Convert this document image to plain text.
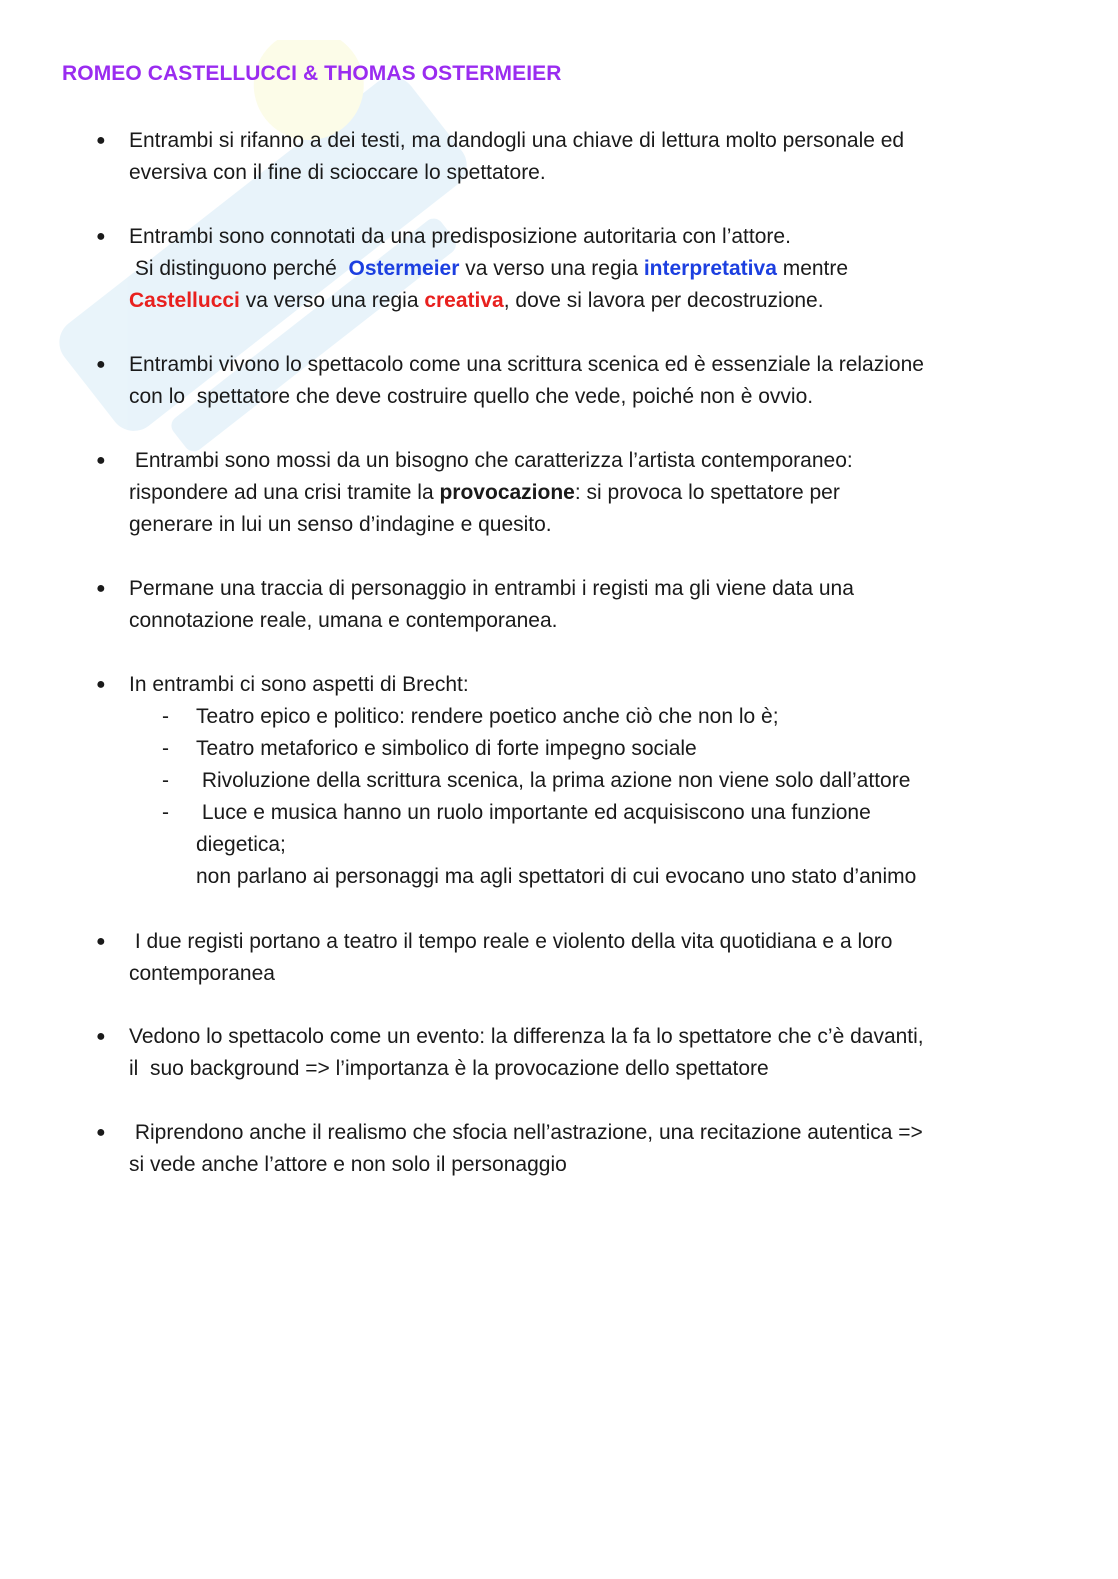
ROMEO CASTELLUCCI & THOMAS OSTERMEIER
● Entrambi si rifanno a dei testi, ma dandogli una chiave di lettura molto personale ed
eversiva con il fine di scioccare lo spettatore.
● Entrambi sono connotati da una predisposizione autoritaria con l’attore.
Si distinguono perché  Ostermeier va verso una regia interpretativa mentre
Castellucci va verso una regia creativa, dove si lavora per decostruzione.
● Entrambi vivono lo spettacolo come una scrittura scenica ed è essenziale la relazione
con lo  spettatore che deve costruire quello che vede, poiché non è ovvio.
● Entrambi sono mossi da un bisogno che caratterizza l’artista contemporaneo:
rispondere ad una crisi tramite la provocazione: si provoca lo spettatore per
generare in lui un senso d’indagine e quesito.
● Permane una traccia di personaggio in entrambi i registi ma gli viene data una
connotazione reale, umana e contemporanea.
● In entrambi ci sono aspetti di Brecht:
- Teatro epico e politico: rendere poetico anche ciò che non lo è;
- Teatro metaforico e simbolico di forte impegno sociale
- Rivoluzione della scrittura scenica, la prima azione non viene solo dall’attore
- Luce e musica hanno un ruolo importante ed acquisiscono una funzione
diegetica;
non parlano ai personaggi ma agli spettatori di cui evocano uno stato d’animo
● I due registi portano a teatro il tempo reale e violento della vita quotidiana e a loro
contemporanea
● Vedono lo spettacolo come un evento: la differenza la fa lo spettatore che c’è davanti,
il  suo background => l’importanza è la provocazione dello spettatore
● Riprendono anche il realismo che sfocia nell’astrazione, una recitazione autentica =>
si vede anche l’attore e non solo il personaggio
